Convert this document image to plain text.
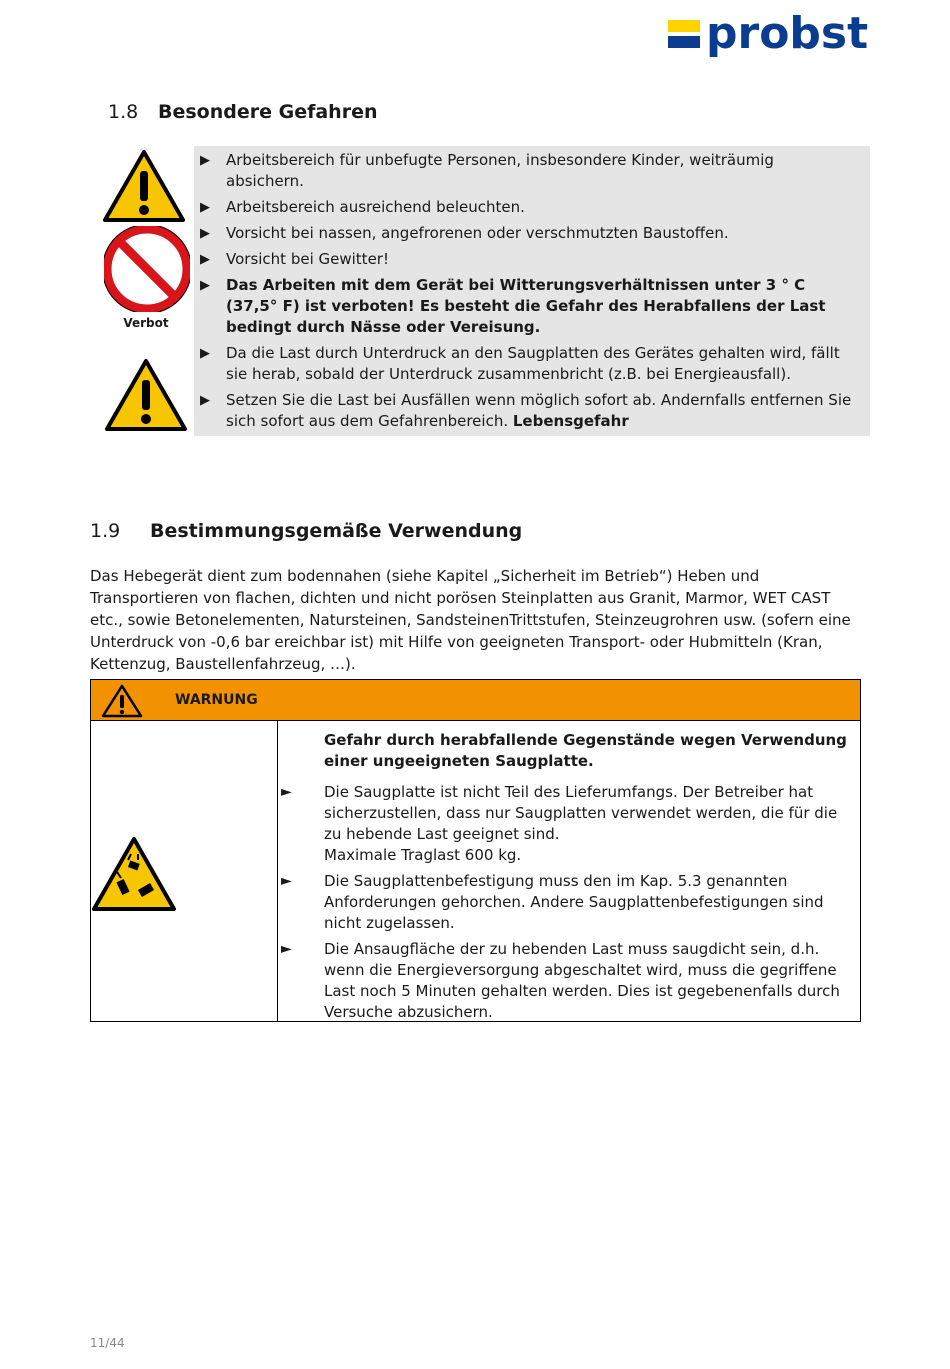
probst
1.8 Besondere Gefahren
Verbot
▶ Arbeitsbereich für unbefugte Personen, insbesondere Kinder, weiträumig absichern.
▶ Arbeitsbereich ausreichend beleuchten.
▶ Vorsicht bei nassen, angefrorenen oder verschmutzten Baustoffen.
▶ Vorsicht bei Gewitter!
▶ Das Arbeiten mit dem Gerät bei Witterungsverhältnissen unter 3 ° C (37,5° F) ist verboten! Es besteht die Gefahr des Herabfallens der Last bedingt durch Nässe oder Vereisung.
▶ Da die Last durch Unterdruck an den Saugplatten des Gerätes gehalten wird, fällt sie herab, sobald der Unterdruck zusammenbricht (z.B. bei Energieausfall).
▶ Setzen Sie die Last bei Ausfällen wenn möglich sofort ab. Andernfalls entfernen Sie sich sofort aus dem Gefahrenbereich. Lebensgefahr
1.9 Bestimmungsgemäße Verwendung
Das Hebegerät dient zum bodennahen (siehe Kapitel „Sicherheit im Betrieb“) Heben und Transportieren von flachen, dichten und nicht porösen Steinplatten aus Granit, Marmor, WET CAST etc., sowie Betonelementen, Natursteinen, SandsteinenTrittstufen, Steinzeugrohren usw. (sofern eine Unterdruck von -0,6 bar ereichbar ist) mit Hilfe von geeigneten Transport- oder Hubmitteln (Kran, Kettenzug, Baustellenfahrzeug, …).
WARNUNG
Gefahr durch herabfallende Gegenstände wegen Verwendung einer ungeeigneten Saugplatte.
► Die Saugplatte ist nicht Teil des Lieferumfangs. Der Betreiber hat sicherzustellen, dass nur Saugplatten verwendet werden, die für die zu hebende Last geeignet sind.
Maximale Traglast 600 kg.
► Die Saugplattenbefestigung muss den im Kap. 5.3 genannten Anforderungen gehorchen. Andere Saugplattenbefestigungen sind nicht zugelassen.
► Die Ansaugfläche der zu hebenden Last muss saugdicht sein, d.h. wenn die Energieversorgung abgeschaltet wird, muss die gegriffene Last noch 5 Minuten gehalten werden. Dies ist gegebenenfalls durch Versuche abzusichern.
11/44
